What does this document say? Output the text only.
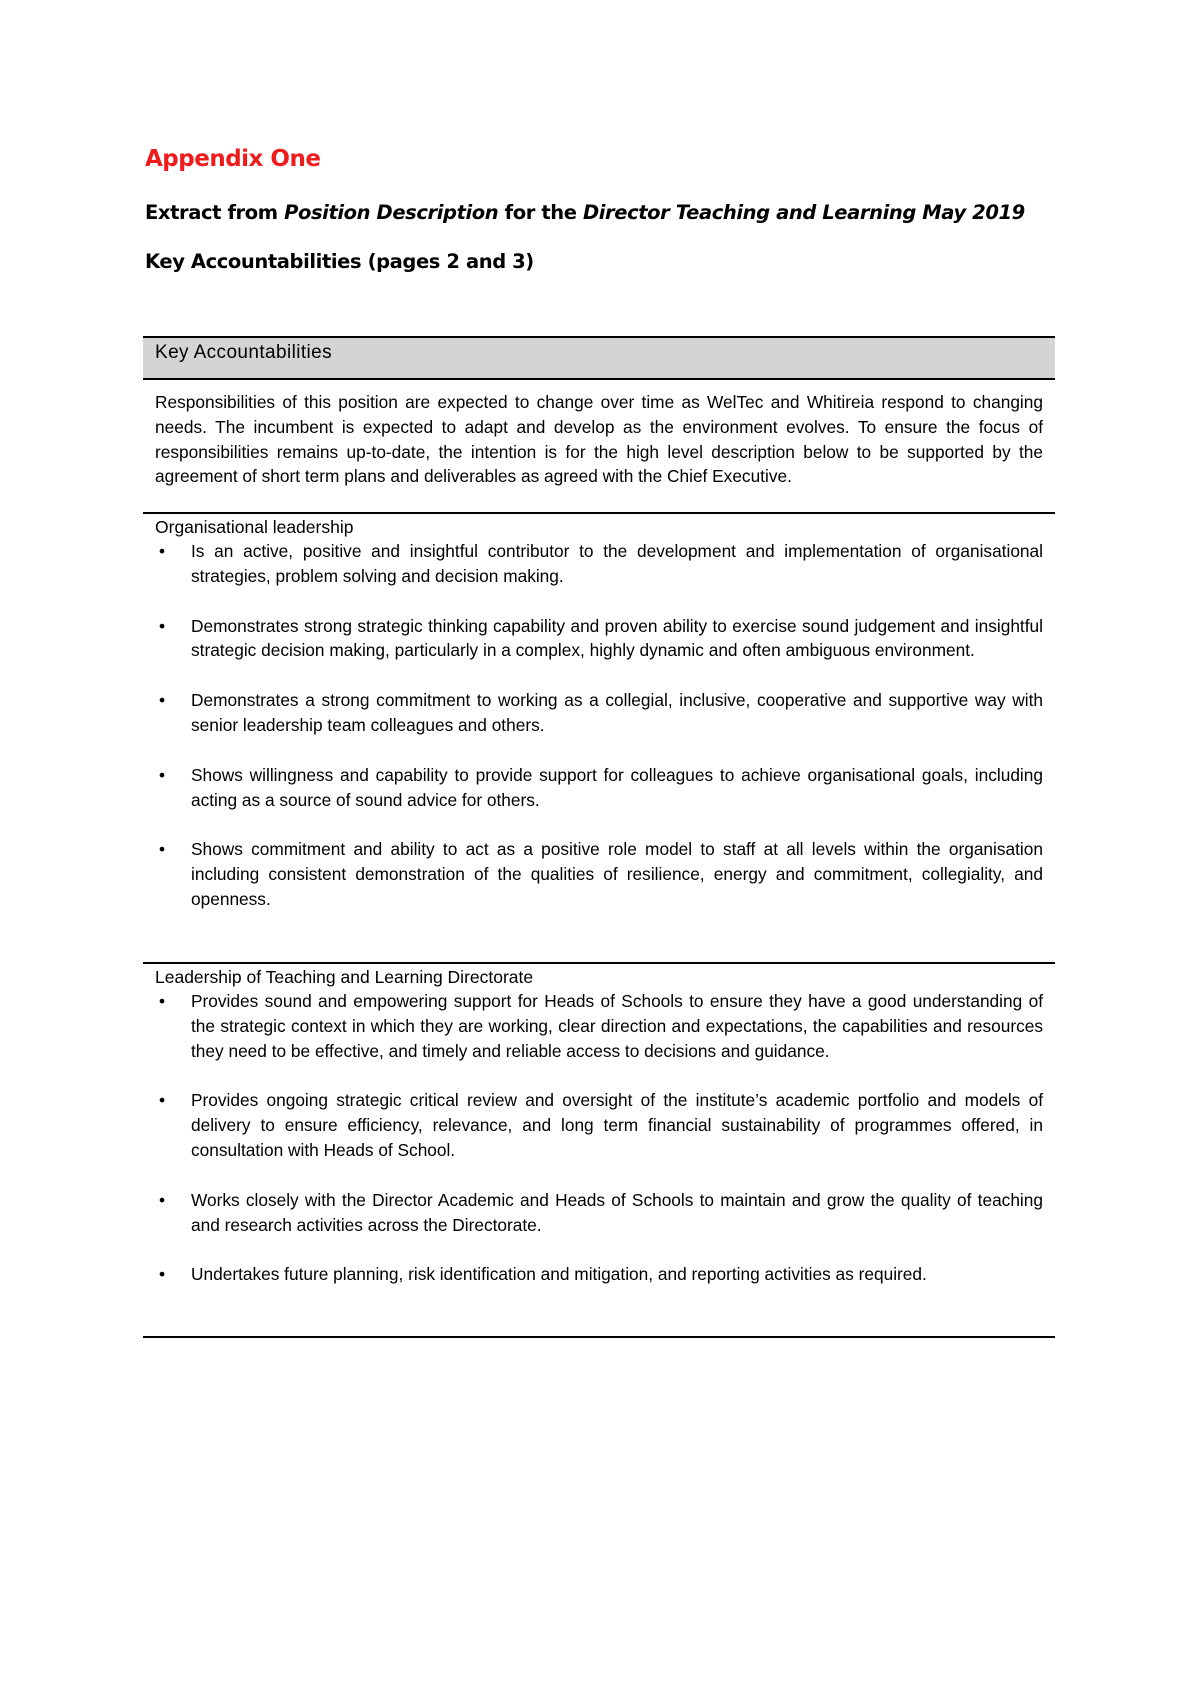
Appendix One
Extract from Position Description for the Director Teaching and Learning May 2019
Key Accountabilities (pages 2 and 3)
Key Accountabilities
Responsibilities of this position are expected to change over time as WelTec and Whitireia respond to changing needs. The incumbent is expected to adapt and develop as the environment evolves. To ensure the focus of responsibilities remains up-to-date, the intention is for the high level description below to be supported by the agreement of short term plans and deliverables as agreed with the Chief Executive.
Organisational leadership
• Is an active, positive and insightful contributor to the development and implementation of organisational strategies, problem solving and decision making.
• Demonstrates strong strategic thinking capability and proven ability to exercise sound judgement and insightful strategic decision making, particularly in a complex, highly dynamic and often ambiguous environment.
• Demonstrates a strong commitment to working as a collegial, inclusive, cooperative and supportive way with senior leadership team colleagues and others.
• Shows willingness and capability to provide support for colleagues to achieve organisational goals, including acting as a source of sound advice for others.
• Shows commitment and ability to act as a positive role model to staff at all levels within the organisation including consistent demonstration of the qualities of resilience, energy and commitment, collegiality, and openness.
Leadership of Teaching and Learning Directorate
• Provides sound and empowering support for Heads of Schools to ensure they have a good understanding of the strategic context in which they are working, clear direction and expectations, the capabilities and resources they need to be effective, and timely and reliable access to decisions and guidance.
• Provides ongoing strategic critical review and oversight of the institute’s academic portfolio and models of delivery to ensure efficiency, relevance, and long term financial sustainability of programmes offered, in consultation with Heads of School.
• Works closely with the Director Academic and Heads of Schools to maintain and grow the quality of teaching and research activities across the Directorate.
• Undertakes future planning, risk identification and mitigation, and reporting activities as required.
